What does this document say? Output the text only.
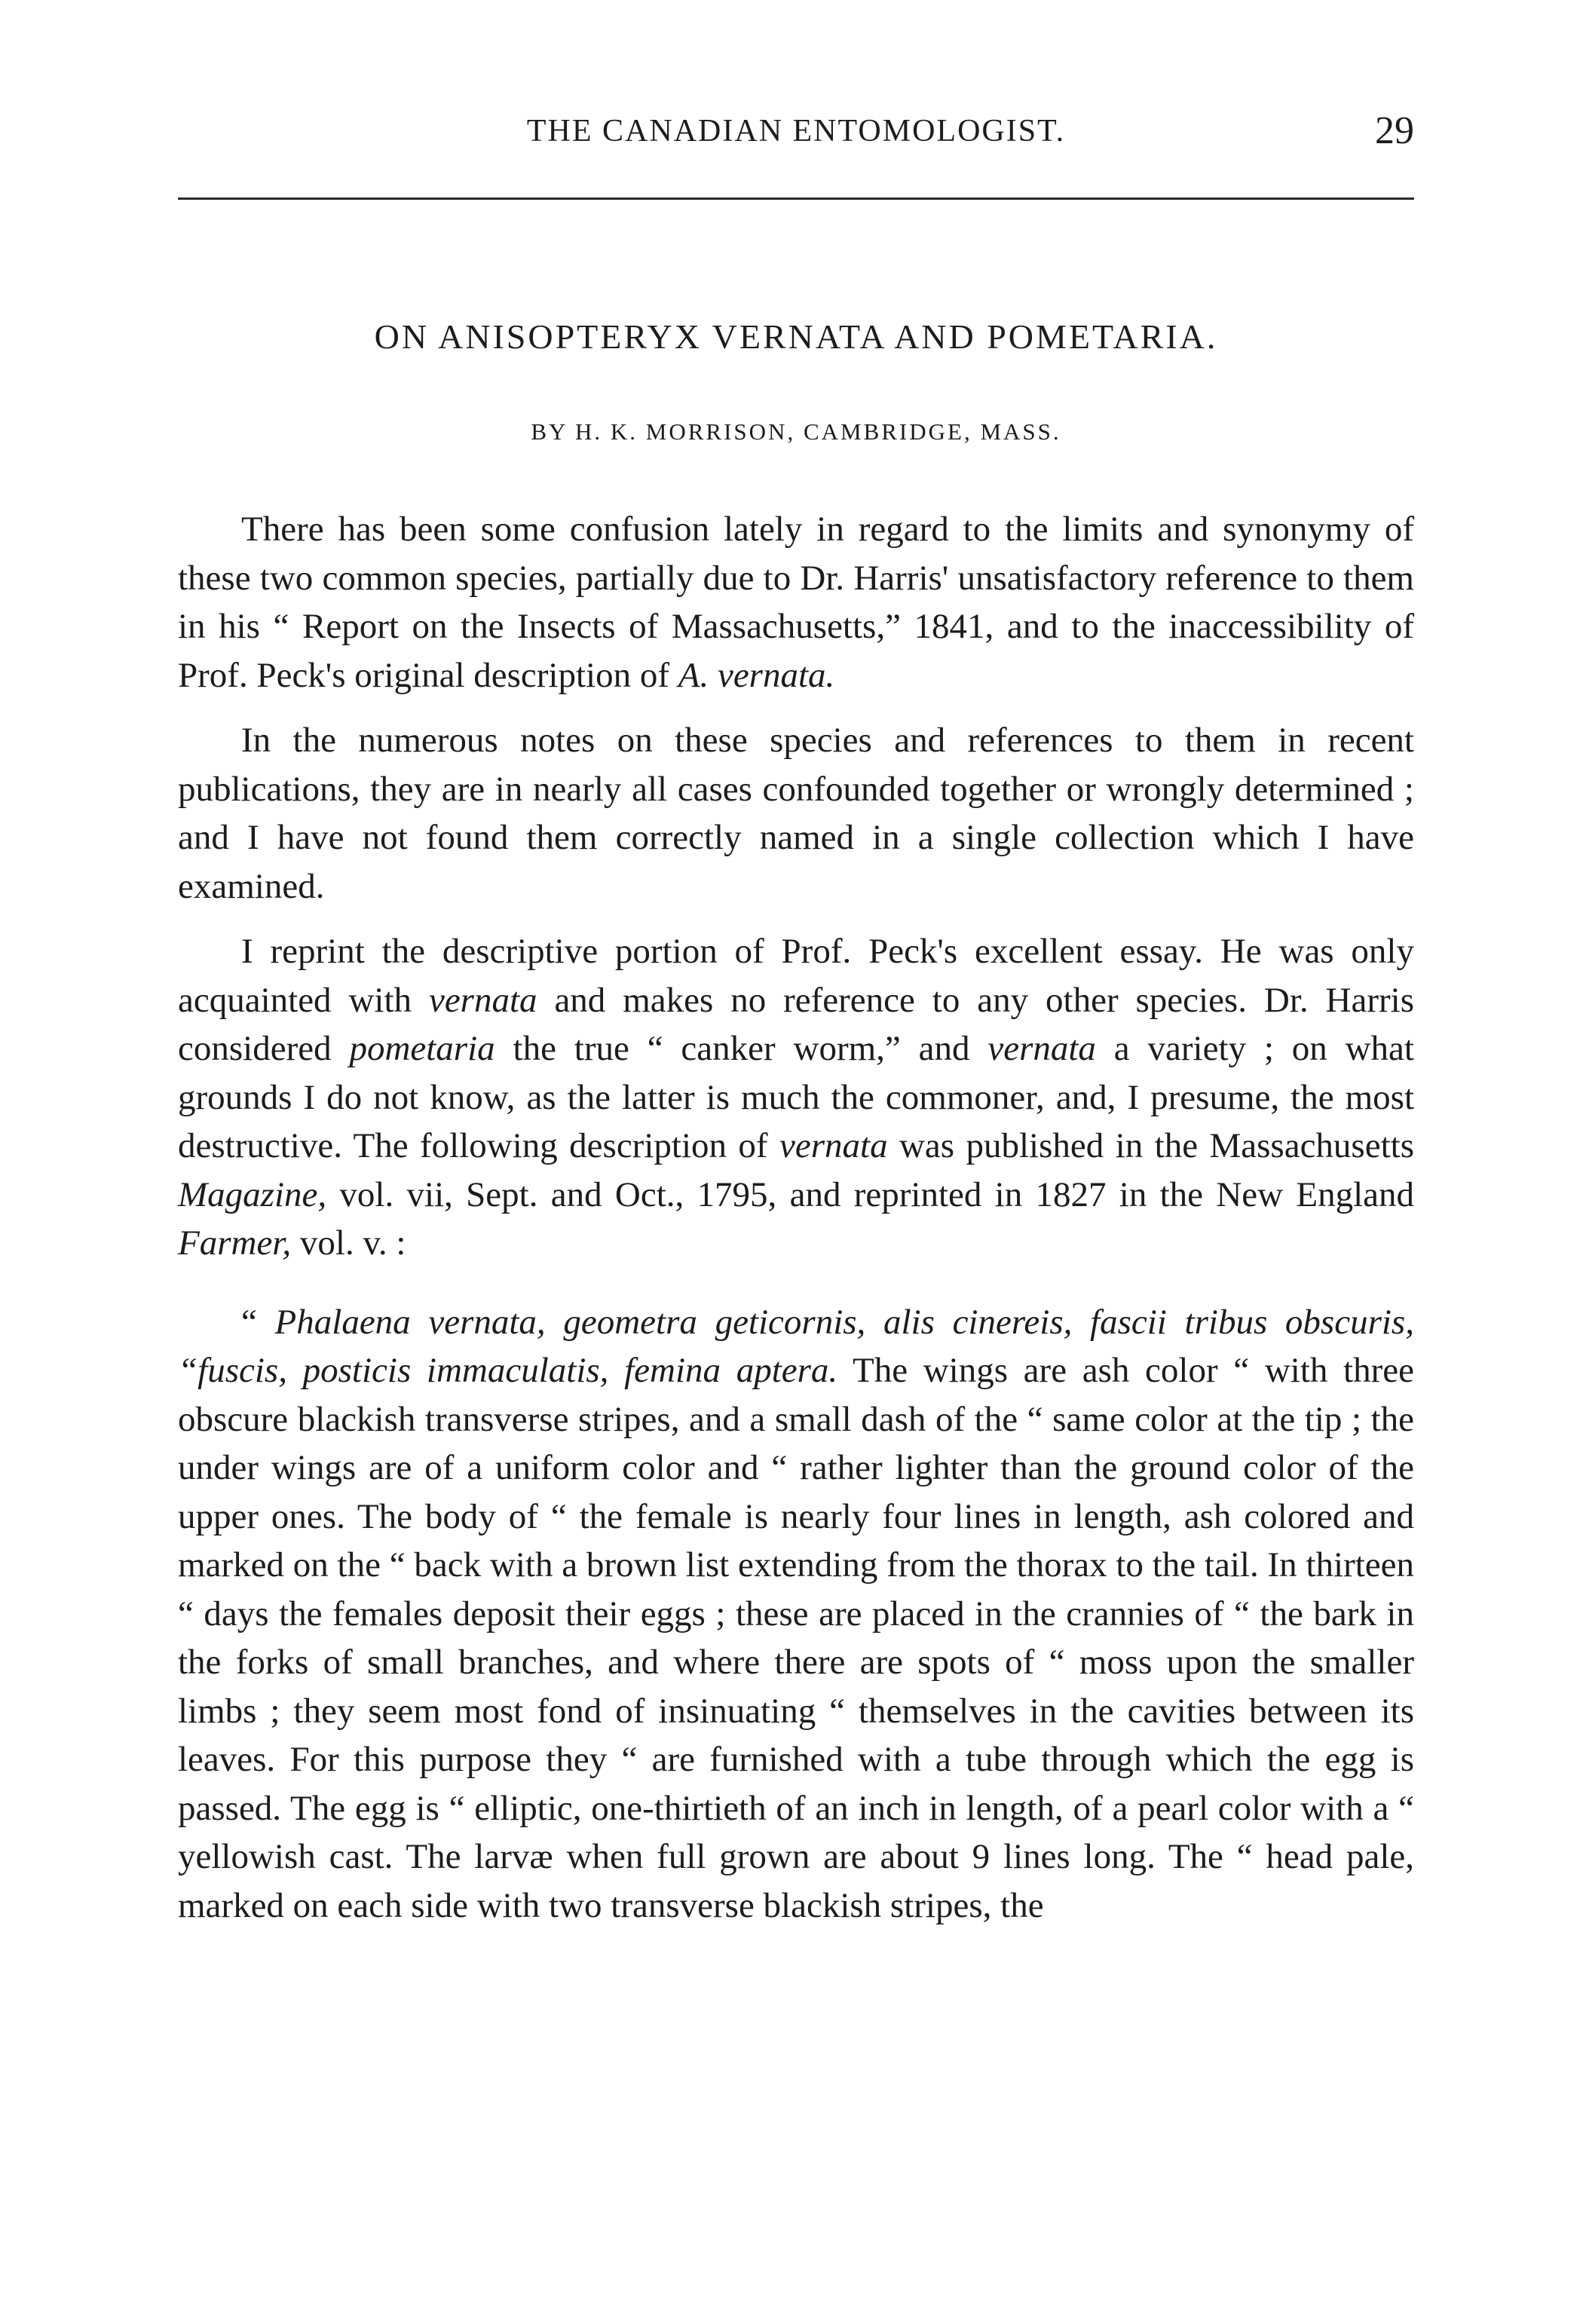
THE CANADIAN ENTOMOLOGIST.	29
ON ANISOPTERYX VERNATA AND POMETARIA.
BY H. K. MORRISON, CAMBRIDGE, MASS.

There has been some confusion lately in regard to the limits and synonymy of these two common species, partially due to Dr. Harris' unsatisfactory reference to them in his “ Report on the Insects of Massachusetts,” 1841, and to the inaccessibility of Prof. Peck's original description of A. vernata.

In the numerous notes on these species and references to them in recent publications, they are in nearly all cases confounded together or wrongly determined ; and I have not found them correctly named in a single collection which I have examined.

I reprint the descriptive portion of Prof. Peck's excellent essay. He was only acquainted with vernata and makes no reference to any other species. Dr. Harris considered pometaria the true “ canker worm,” and vernata a variety ; on what grounds I do not know, as the latter is much the commoner, and, I presume, the most destructive. The following description of vernata was published in the Massachusetts Magazine, vol. vii, Sept. and Oct., 1795, and reprinted in 1827 in the New England Farmer, vol. v. :

“ Phalaena vernata, geometra geticornis, alis cinereis, fascii tribus obscuris, “fuscis, posticis immaculatis, femina aptera. The wings are ash color “ with three obscure blackish transverse stripes, and a small dash of the “ same color at the tip ; the under wings are of a uniform color and “ rather lighter than the ground color of the upper ones. The body of “ the female is nearly four lines in length, ash colored and marked on the “ back with a brown list extending from the thorax to the tail. In thirteen “ days the females deposit their eggs ; these are placed in the crannies of “ the bark in the forks of small branches, and where there are spots of “ moss upon the smaller limbs ; they seem most fond of insinuating “ themselves in the cavities between its leaves. For this purpose they “ are furnished with a tube through which the egg is passed. The egg is “ elliptic, one-thirtieth of an inch in length, of a pearl color with a “ yellowish cast. The larvæ when full grown are about 9 lines long. The “ head pale, marked on each side with two transverse blackish stripes, the
